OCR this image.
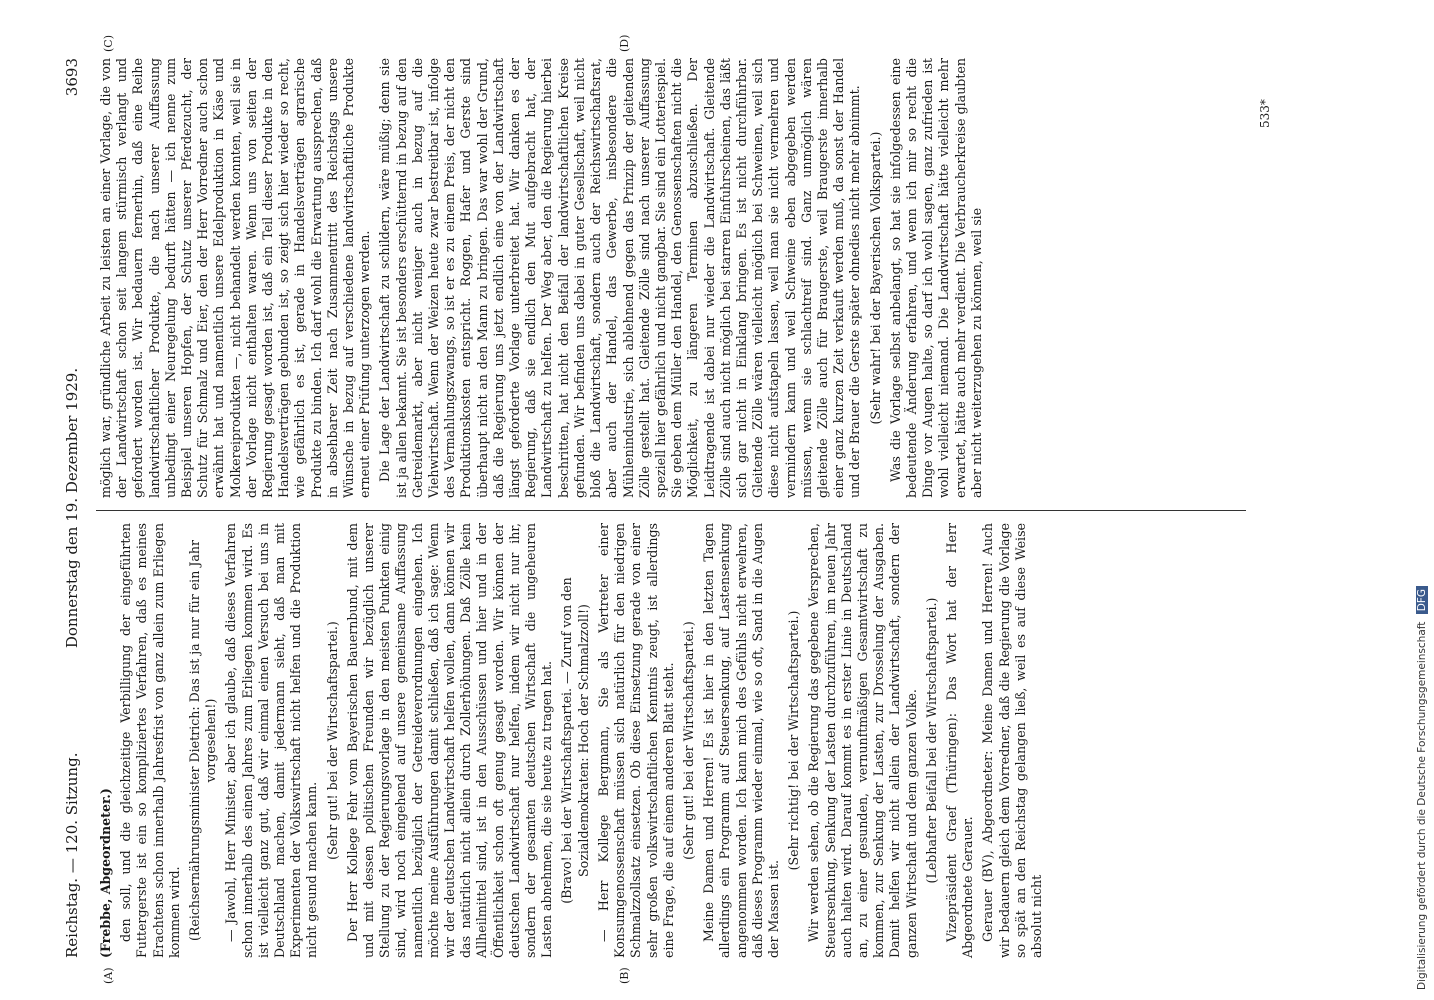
Reichstag. — 120. Sitzung.
Donnerstag den 19. Dezember 1929.
3693
(A)	(B)
(C)	(D)

(Frebbe, Abgeordneter.) den soll, und die gleichzeitige Verbilligung der eingeführten Futtergerste ist ein so kompliziertes Verfahren, daß es meines Erachtens schon innerhalb Jahresfrist von ganz allein zum Erliegen kommen wird. (Reichsernährungsminister Dietrich: Das ist ja nur für ein Jahr vorgesehen!) — Jawohl, Herr Minister, aber ich glaube, daß dieses Verfahren schon innerhalb des einen Jahres zum Erliegen kommen wird. Es ist vielleicht ganz gut, daß wir einmal einen Versuch bei uns in Deutschland machen, damit jedermann sieht, daß man mit Experimenten der Volkswirtschaft nicht helfen und die Produktion nicht gesund machen kann.

(Sehr gut! bei der Wirtschaftspartei.) Der Herr Kollege Fehr vom Bayerischen Bauernbund, mit dem und mit dessen politischen Freunden wir bezüglich unserer Stellung zu der Regierungsvorlage in den meisten Punkten einig sind, wird noch eingehend auf unsere gemeinsame Auffassung namentlich bezüglich der Getreideverordnungen eingehen. Ich möchte meine Ausführungen damit schließen, daß ich sage: Wenn wir der deutschen Landwirtschaft helfen wollen, dann können wir das natürlich nicht allein durch Zollerhöhungen. Daß Zölle kein Allheilmittel sind, ist in den Ausschüssen und hier und in der Öffentlichkeit schon oft genug gesagt worden. Wir können der deutschen Landwirtschaft nur helfen, indem wir nicht nur ihr, sondern der gesamten deutschen Wirtschaft die ungeheuren Lasten abnehmen, die sie heute zu tragen hat. (Bravo! bei der Wirtschaftspartei. — Zuruf von den Sozialdemokraten: Hoch der Schmalzzoll!) — Herr Kollege Bergmann, Sie als Vertreter einer Konsumgenossenschaft müssen sich natürlich für den niedrigen Schmalzzollsatz einsetzen. Ob diese Einsetzung gerade von einer sehr großen volkswirtschaftlichen Kenntnis zeugt, ist allerdings eine Frage, die auf einem anderen Blatt steht. (Sehr gut! bei der Wirtschaftspartei.) Meine Damen und Herren! Es ist hier in den letzten Tagen allerdings ein Programm auf Steuersenkung, auf Lastensenkung angenommen worden. Ich kann mich des Gefühls nicht erwehren, daß dieses Programm wieder einmal, wie so oft, Sand in die Augen der Massen ist.

(Sehr richtig! bei der Wirtschaftspartei.) Wir werden sehen, ob die Regierung das gegebene Versprechen, Steuersenkung, Senkung der Lasten durchzuführen, im neuen Jahr auch halten wird. Darauf kommt es in erster Linie in Deutschland an, zu einer gesunden, vernunftmäßigen Gesamtwirtschaft zu kommen, zur Senkung der Lasten, zur Drosselung der Ausgaben. Damit helfen wir nicht allein der Landwirtschaft, sondern der ganzen Wirtschaft und dem ganzen Volke. (Lebhafter Beifall bei der Wirtschaftspartei.) Vizepräsident Graef (Thüringen): Das Wort hat der Herr Abgeordnete Gerauer. Gerauer (BV), Abgeordneter: Meine Damen und Herren! Auch wir bedauern gleich dem Vorredner, daß die Regierung die Vorlage so spät an den Reichstag gelangen ließ, weil es auf diese Weise absolut nicht

möglich war, gründliche Arbeit zu leisten an einer Vorlage, die von der Landwirtschaft schon seit langem stürmisch verlangt und gefordert worden ist. Wir bedauern fernerhin, daß eine Reihe landwirtschaftlicher Produkte, die nach unserer Auffassung unbedingt einer Neuregelung bedurft hätten — ich nenne zum Beispiel unseren Hopfen, der Schutz unserer Pferdezucht, der Schutz für Schmalz und Eier, den der Herr Vorredner auch schon erwähnt hat und namentlich unsere Edelproduktion in Käse und Molkereiprodukten —, nicht behandelt werden konnten, weil sie in der Vorlage nicht enthalten waren. Wenn uns von seiten der Regierung gesagt worden ist, daß ein Teil dieser Produkte in den Handelsverträgen gebunden ist, so zeigt sich hier wieder so recht, wie gefährlich es ist, gerade in Handelsverträgen agrarische Produkte zu binden. Ich darf wohl die Erwartung aussprechen, daß in absehbarer Zeit nach Zusammentritt des Reichstags unsere Wünsche in bezug auf verschiedene landwirtschaftliche Produkte erneut einer Prüfung unterzogen werden. Die Lage der Landwirtschaft zu schildern, wäre müßig; denn sie ist ja allen bekannt. Sie ist besonders erschütternd in bezug auf den Getreidemarkt, aber nicht weniger auch in bezug auf die Viehwirtschaft. Wenn der Weizen heute zwar bestreitbar ist, infolge des Vermahlungszwangs, so ist er es zu einem Preis, der nicht den Produktionskosten entspricht. Roggen, Hafer und Gerste sind überhaupt nicht an den Mann zu bringen. Das war wohl der Grund, daß die Regierung uns jetzt endlich eine von der Landwirtschaft längst geforderte Vorlage unterbreitet hat. Wir danken es der Regierung, daß sie endlich den Mut aufgebracht hat, der Landwirtschaft zu helfen. Der Weg aber, den die Regierung hierbei beschritten, hat nicht den Beifall der landwirtschaftlichen Kreise gefunden. Wir befinden uns dabei in guter Gesellschaft, weil nicht bloß die Landwirtschaft, sondern auch der Reichswirtschaftsrat, aber auch der Handel, das Gewerbe, insbesondere die Mühlenindustrie, sich ablehnend gegen das Prinzip der gleitenden Zölle gestellt hat. Gleitende Zölle sind nach unserer Auffassung speziell hier gefährlich und nicht gangbar. Sie sind ein Lotteriespiel. Sie geben dem Müller den Handel, den Genossenschaften nicht die Möglichkeit, zu längeren Terminen abzuschließen. Der Leidtragende ist dabei nur wieder die Landwirtschaft. Gleitende Zölle sind auch nicht möglich bei starren Einfuhrscheinen, das läßt sich gar nicht in Einklang bringen. Es ist nicht durchführbar. Gleitende Zölle wären vielleicht möglich bei Schweinen, weil sich diese nicht aufstapeln lassen, weil man sie nicht vermehren und vermindern kann und weil Schweine eben abgegeben werden müssen, wenn sie schlachtreif sind. Ganz unmöglich wären gleitende Zölle auch für Braugerste, weil Braugerste innerhalb einer ganz kurzen Zeit verkauft werden muß, da sonst der Handel und der Brauer die Gerste später ohnedies nicht mehr abnimmt. (Sehr wahr! bei der Bayerischen Volkspartei.) Was die Vorlage selbst anbelangt, so hat sie infolgedessen eine bedeutende Änderung erfahren, und wenn ich mir so recht die Dinge vor Augen halte, so darf ich wohl sagen, ganz zufrieden ist wohl vielleicht niemand. Die Landwirtschaft hätte vielleicht mehr erwartet, hätte auch mehr verdient. Die Verbraucherkreise glaubten aber nicht weiterzugehen zu können, weil sie

533*
Digitalisierung gefördert durch die Deutsche Forschungsgemeinschaft DFG
